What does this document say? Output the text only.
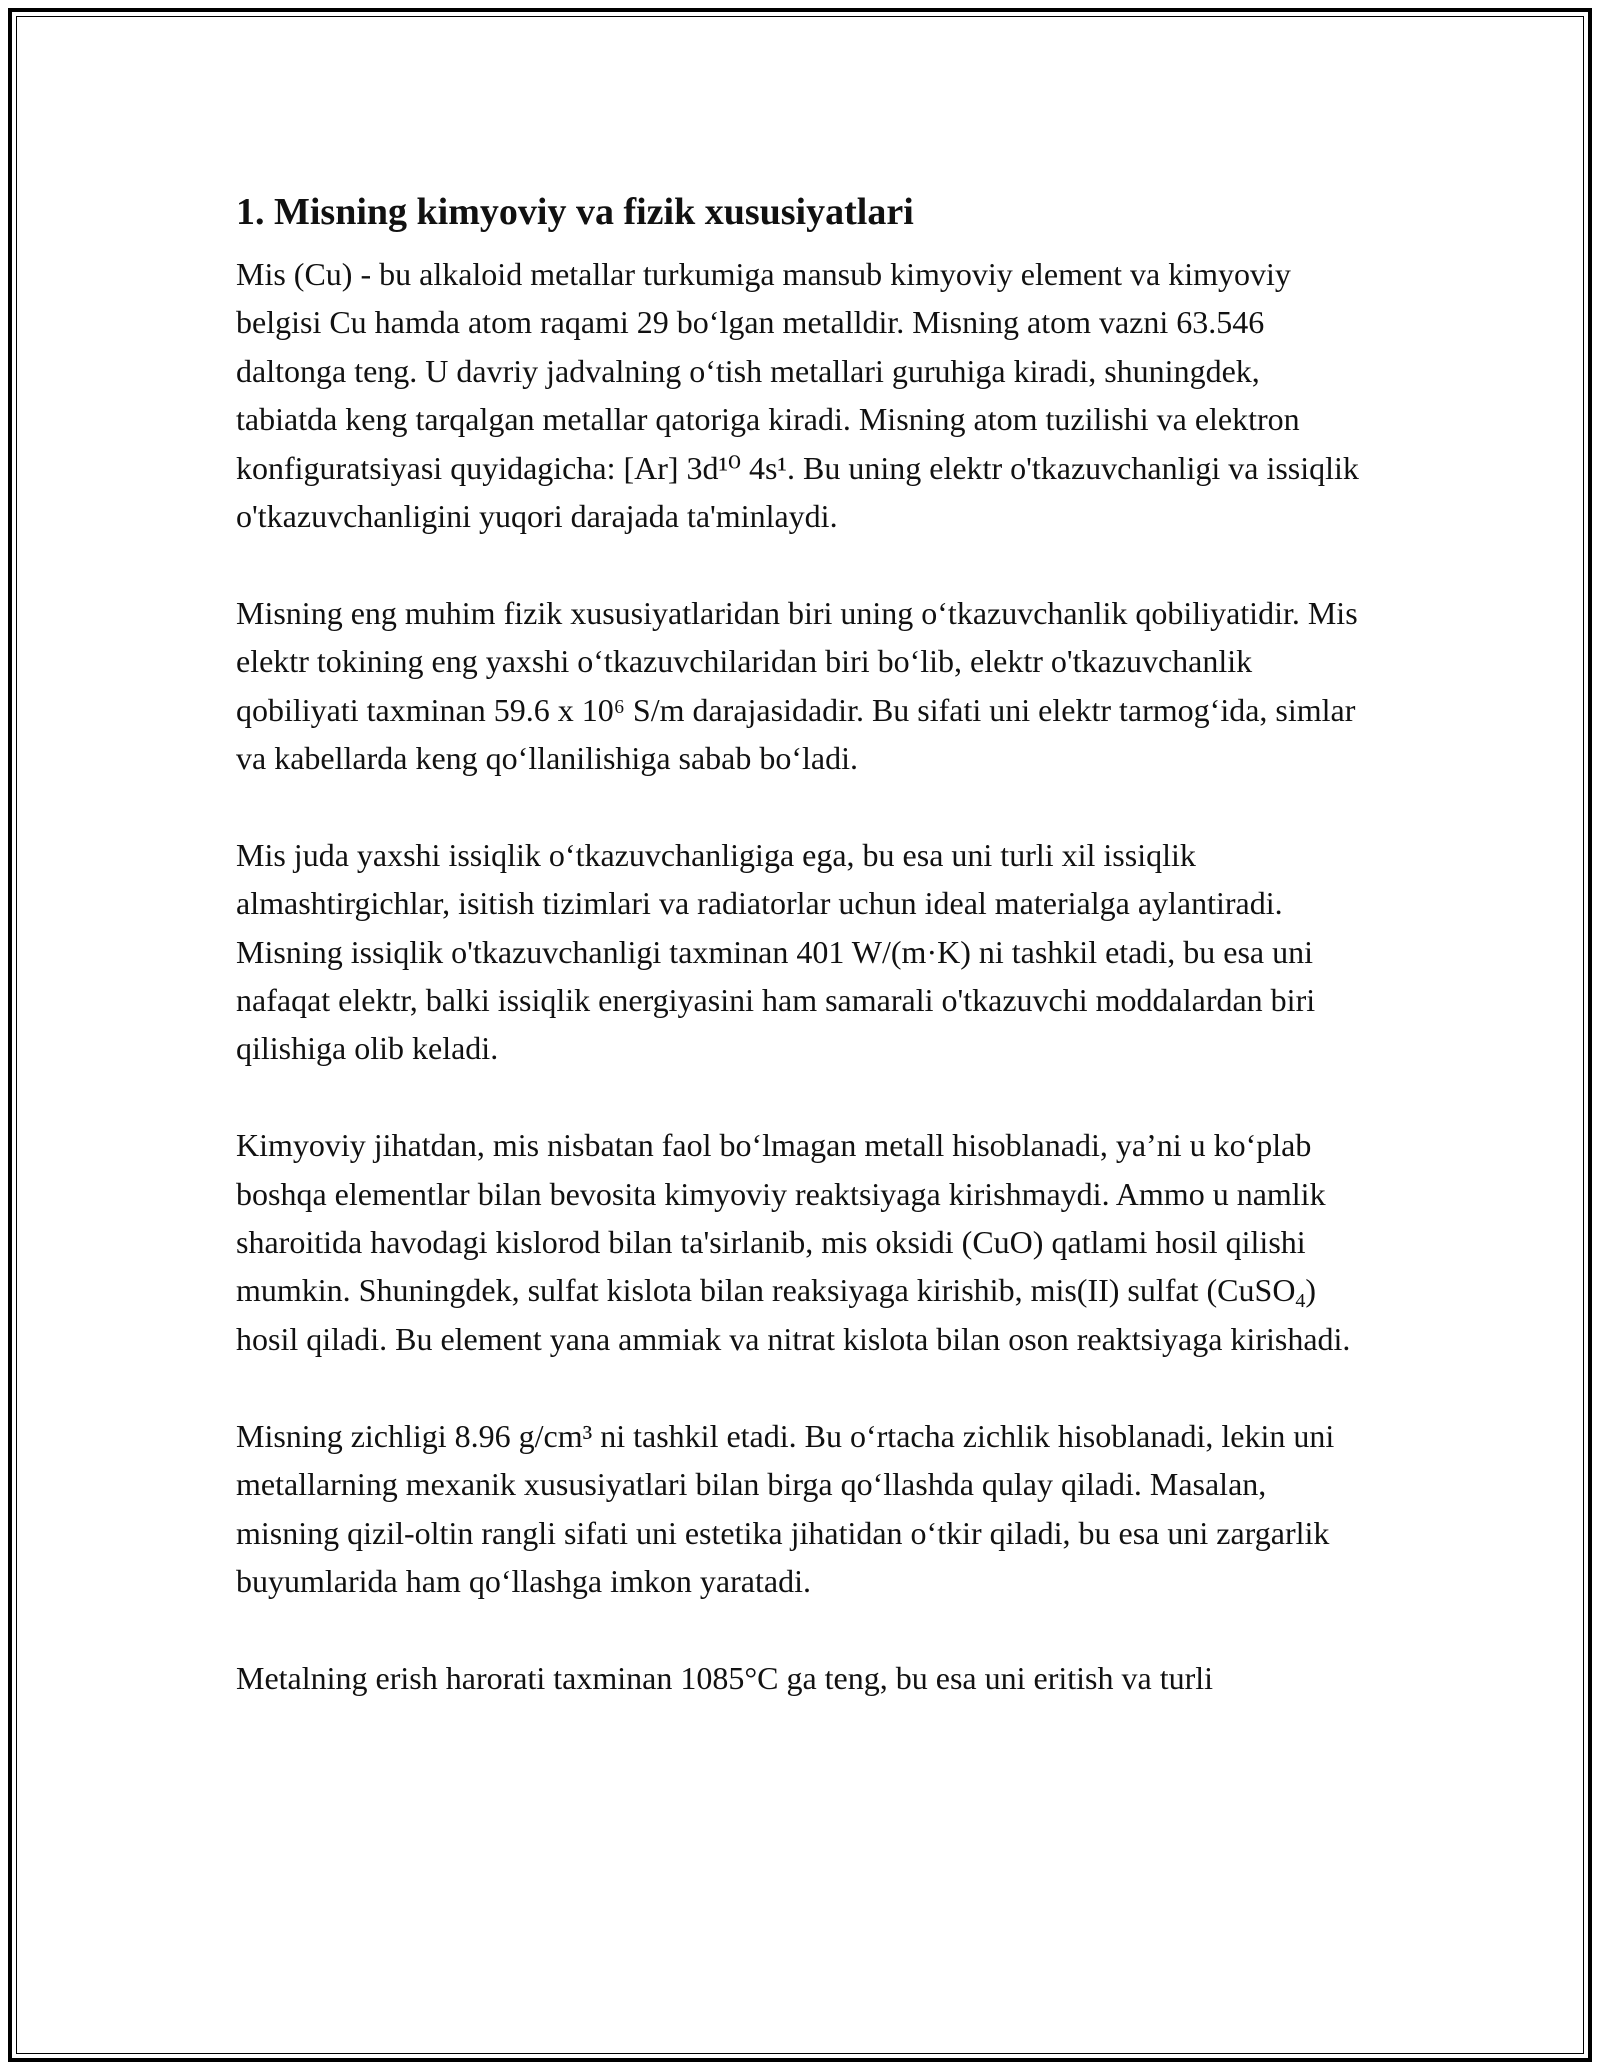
1. Misning kimyoviy va fizik xususiyatlari

Mis (Cu) - bu alkaloid metallar turkumiga mansub kimyoviy element va kimyoviy belgisi Cu hamda atom raqami 29 bo‘lgan metalldir. Misning atom vazni 63.546 daltonga teng. U davriy jadvalning o‘tish metallari guruhiga kiradi, shuningdek, tabiatda keng tarqalgan metallar qatoriga kiradi. Misning atom tuzilishi va elektron konfiguratsiyasi quyidagicha: [Ar] 3d¹⁰ 4s¹. Bu uning elektr o'tkazuvchanligi va issiqlik o'tkazuvchanligini yuqori darajada ta'minlaydi.

Misning eng muhim fizik xususiyatlaridan biri uning o‘tkazuvchanlik qobiliyatidir. Mis elektr tokining eng yaxshi o‘tkazuvchilaridan biri bo‘lib, elektr o'tkazuvchanlik qobiliyati taxminan 59.6 x 10⁶ S/m darajasidadir. Bu sifati uni elektr tarmog‘ida, simlar va kabellarda keng qo‘llanilishiga sabab bo‘ladi.

Mis juda yaxshi issiqlik o‘tkazuvchanligiga ega, bu esa uni turli xil issiqlik almashtirgichlar, isitish tizimlari va radiatorlar uchun ideal materialga aylantiradi. Misning issiqlik o'tkazuvchanligi taxminan 401 W/(m·K) ni tashkil etadi, bu esa uni nafaqat elektr, balki issiqlik energiyasini ham samarali o'tkazuvchi moddalardan biri qilishiga olib keladi.

Kimyoviy jihatdan, mis nisbatan faol bo‘lmagan metall hisoblanadi, ya’ni u ko‘plab boshqa elementlar bilan bevosita kimyoviy reaktsiyaga kirishmaydi. Ammo u namlik sharoitida havodagi kislorod bilan ta'sirlanib, mis oksidi (CuO) qatlami hosil qilishi mumkin. Shuningdek, sulfat kislota bilan reaksiyaga kirishib, mis(II) sulfat (CuSO$_4$) hosil qiladi. Bu element yana ammiak va nitrat kislota bilan oson reaktsiyaga kirishadi.

Misning zichligi 8.96 g/cm³ ni tashkil etadi. Bu o‘rtacha zichlik hisoblanadi, lekin uni metallarning mexanik xususiyatlari bilan birga qo‘llashda qulay qiladi. Masalan, misning qizil-oltin rangli sifati uni estetika jihatidan o‘tkir qiladi, bu esa uni zargarlik buyumlarida ham qo‘llashga imkon yaratadi.

Metalning erish harorati taxminan 1085°C ga teng, bu esa uni eritish va turli
